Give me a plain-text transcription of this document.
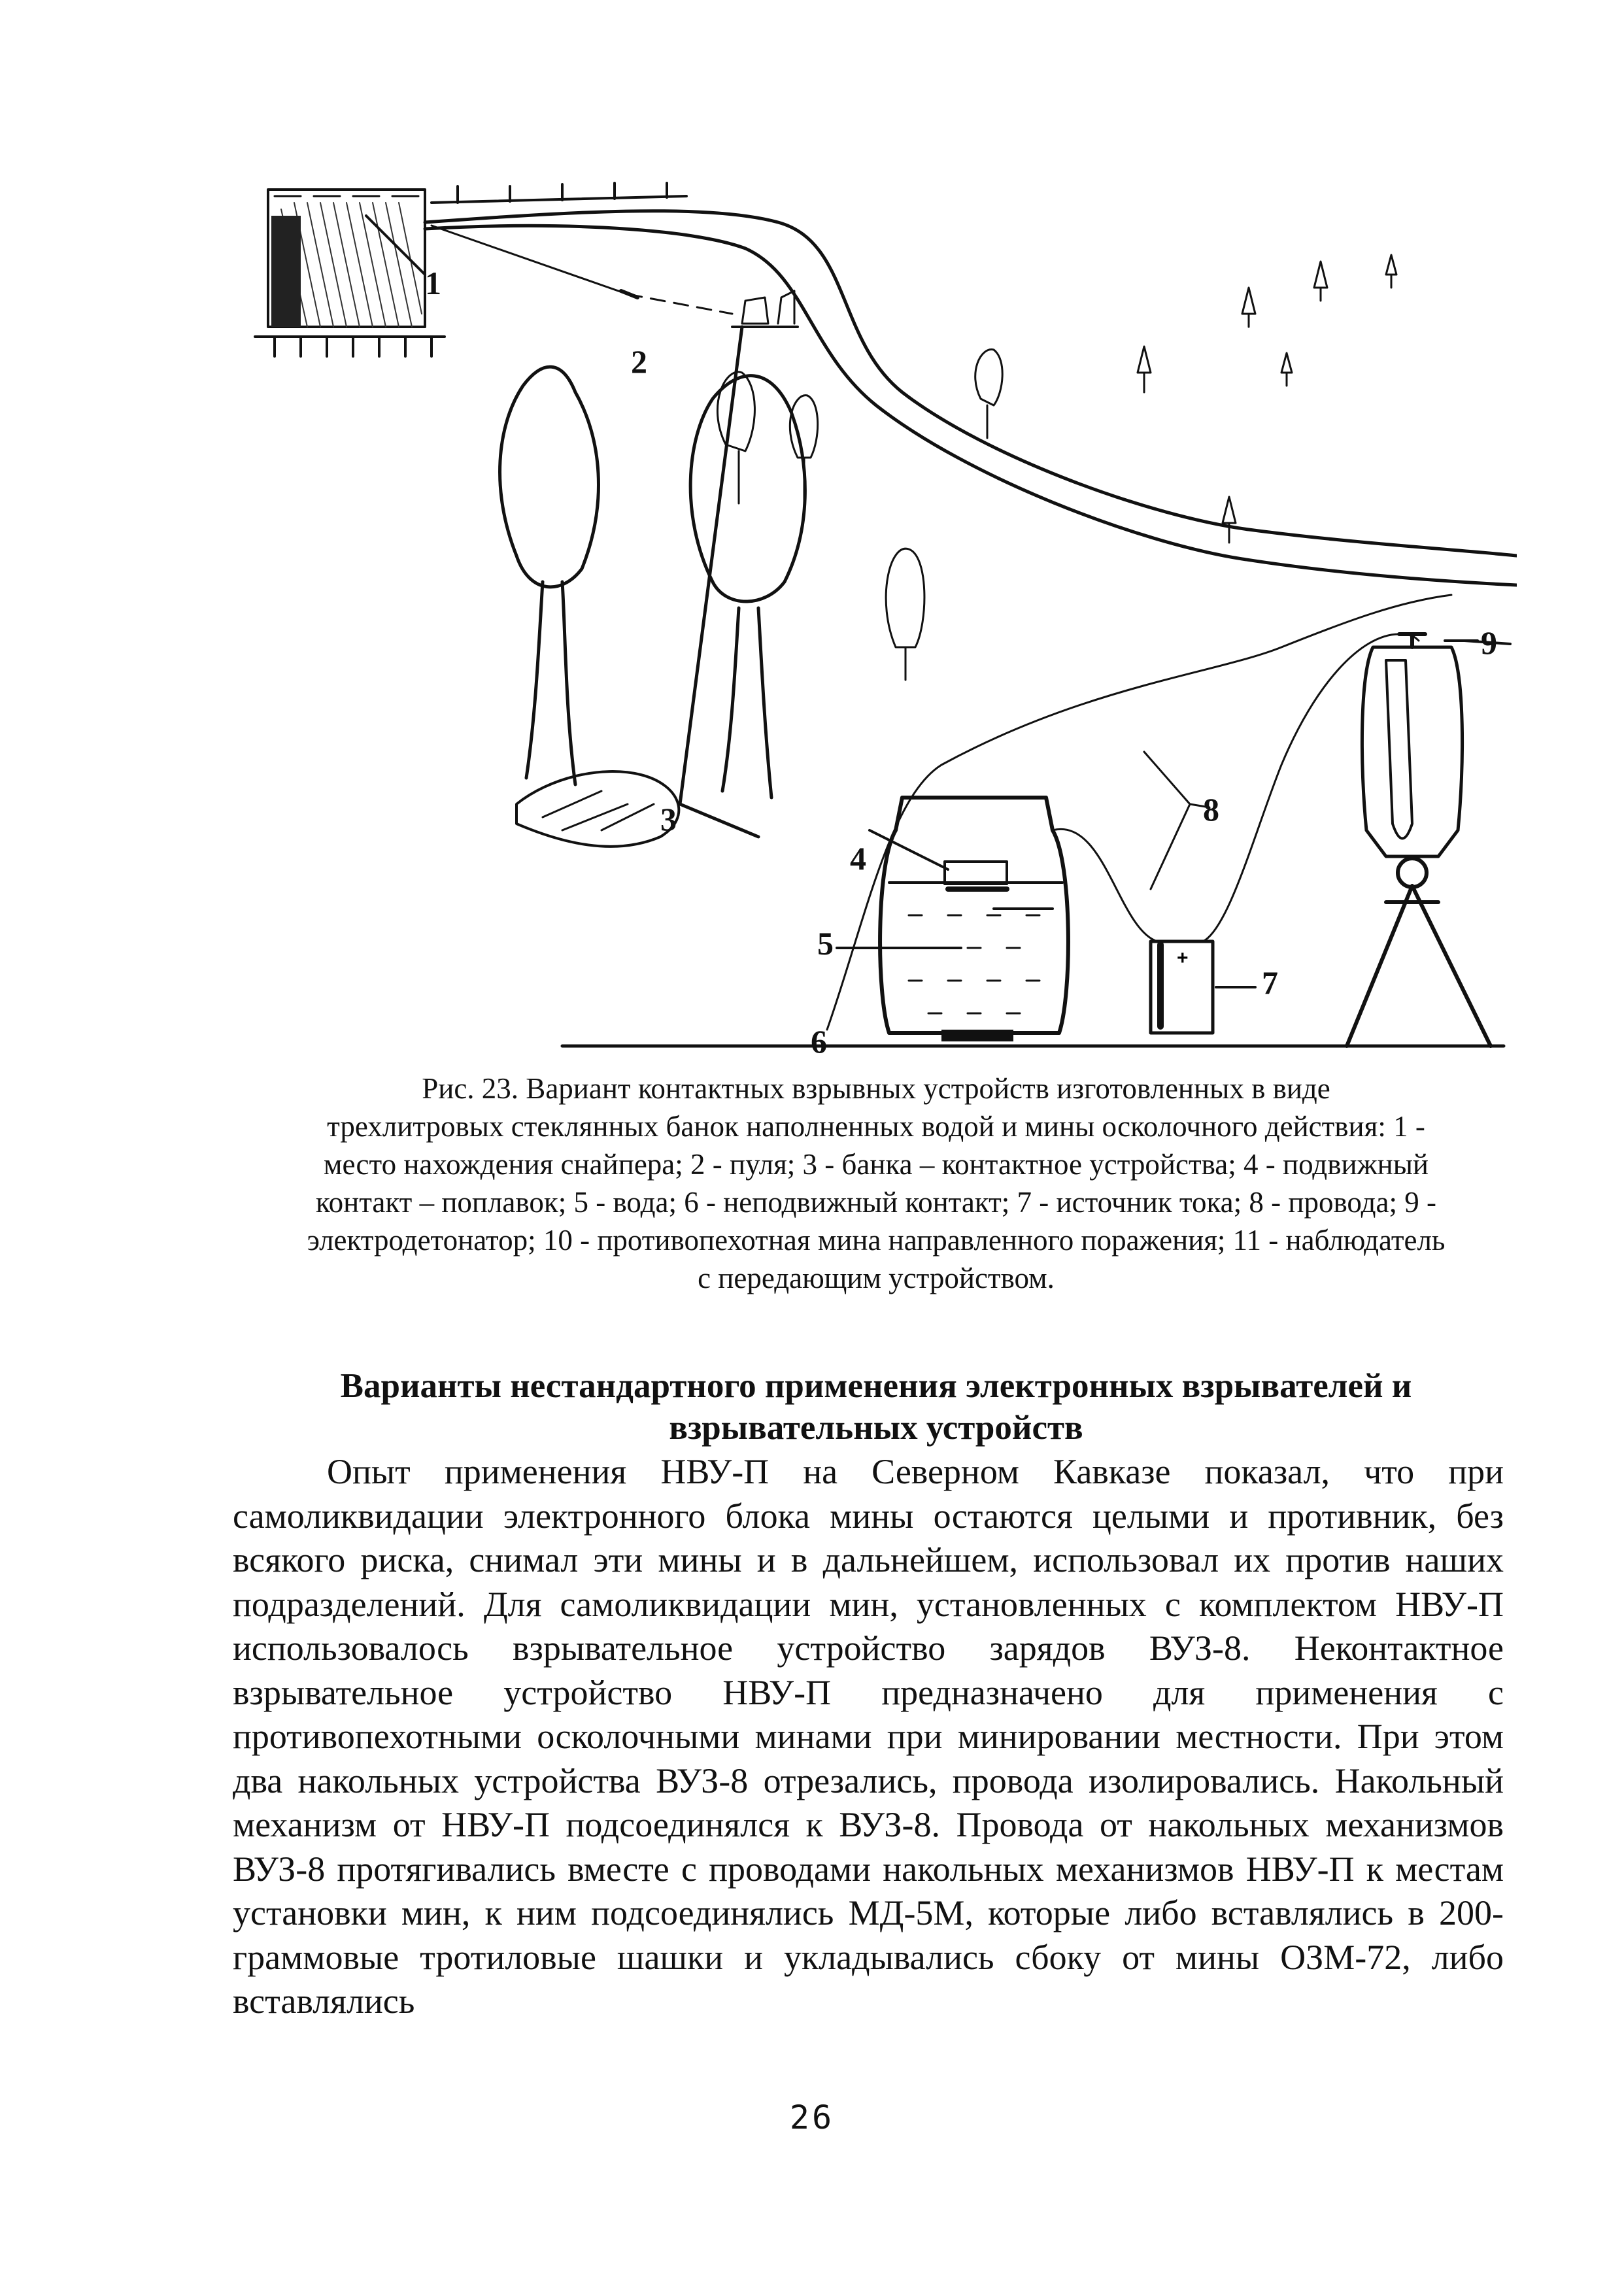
1
2
3
4
5
6
7
8
9
+
Рис. 23. Вариант контактных взрывных устройств изготовленных в виде
трехлитровых стеклянных банок наполненных водой и мины осколочного действия: 1 -
место нахождения снайпера; 2 - пуля; 3 - банка – контактное устройства; 4 - подвижный
контакт – поплавок; 5 - вода; 6 - неподвижный контакт; 7 - источник тока; 8 - провода; 9 -
электродетонатор; 10 - противопехотная мина направленного поражения; 11 - наблюдатель
с передающим устройством.
Варианты нестандартного применения электронных взрывателей и
взрывательных устройств

Опыт применения НВУ-П на Северном Кавказе показал, что при самоликвидации электронного блока мины остаются целыми и противник, без всякого риска, снимал эти мины и в дальнейшем, использовал их против наших подразделений. Для самоликвидации мин, установленных с комплектом НВУ-П использовалось взрывательное устройство зарядов ВУЗ-8. Неконтактное взрывательное устройство НВУ-П предназначено для применения с противопехотными осколочными минами при минировании местности. При этом два накольных устройства ВУЗ-8 отрезались, провода изолировались. Накольный механизм от НВУ-П подсоединялся к ВУЗ-8. Провода от накольных механизмов ВУЗ-8 протягивались вместе с проводами накольных механизмов НВУ-П к местам установки мин, к ним подсоединялись МД-5М, которые либо вставлялись в 200-граммовые тротиловые шашки и укладывались сбоку от мины ОЗМ-72, либо вставлялись

26
